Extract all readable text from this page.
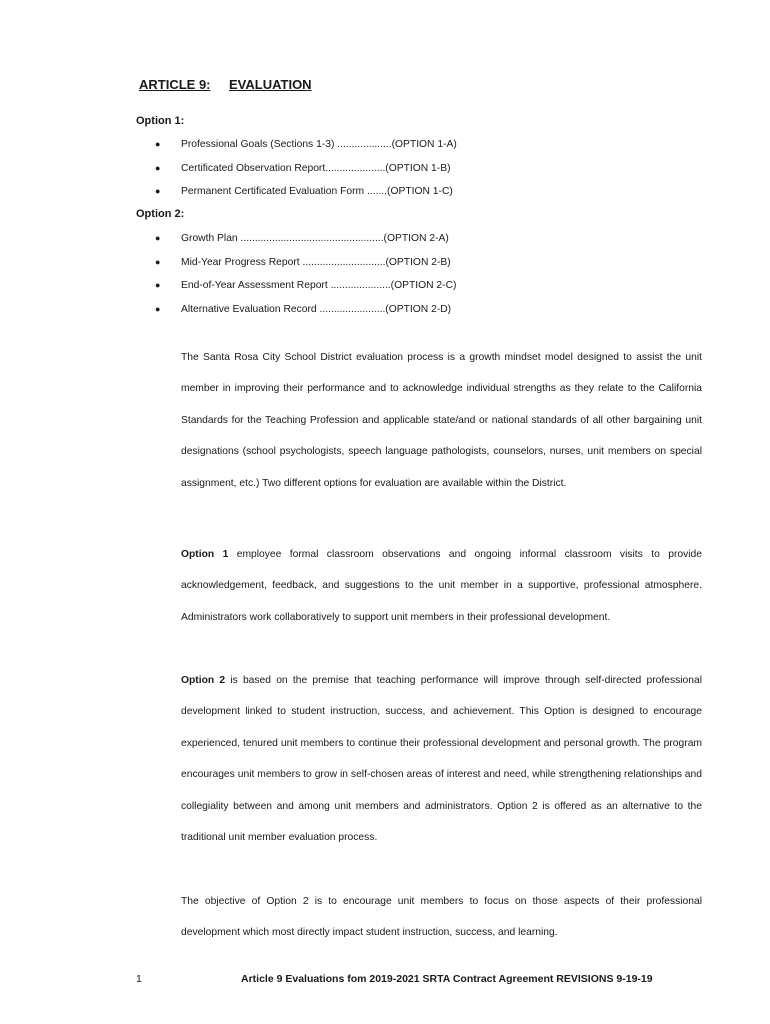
ARTICLE 9: EVALUATION
Option 1:
● Professional Goals (Sections 1-3) ...................(OPTION 1-A)
● Certificated Observation Report.....................(OPTION 1-B)
● Permanent Certificated Evaluation Form .......(OPTION 1-C)
Option 2:
● Growth Plan ..................................................(OPTION 2-A)
● Mid-Year Progress Report .............................(OPTION 2-B)
● End-of-Year Assessment Report .....................(OPTION 2-C)
● Alternative Evaluation Record .......................(OPTION 2-D)

The Santa Rosa City School District evaluation process is a growth mindset model designed to assist the unit member in improving their performance and to acknowledge individual strengths as they relate to the California Standards for the Teaching Profession and applicable state/and or national standards of all other bargaining unit designations (school psychologists, speech language pathologists, counselors, nurses, unit members on special assignment, etc.) Two different options for evaluation are available within the District.

Option 1 employee formal classroom observations and ongoing informal classroom visits to provide acknowledgement, feedback, and suggestions to the unit member in a supportive, professional atmosphere. Administrators work collaboratively to support unit members in their professional development.

Option 2 is based on the premise that teaching performance will improve through self-directed professional development linked to student instruction, success, and achievement. This Option is designed to encourage experienced, tenured unit members to continue their professional development and personal growth. The program encourages unit members to grow in self-chosen areas of interest and need, while strengthening relationships and collegiality between and among unit members and administrators. Option 2 is offered as an alternative to the traditional unit member evaluation process.

The objective of Option 2 is to encourage unit members to focus on those aspects of their professional development which most directly impact student instruction, success, and learning.

1	Article 9 Evaluations fom 2019-2021 SRTA Contract Agreement REVISIONS 9-19-19
